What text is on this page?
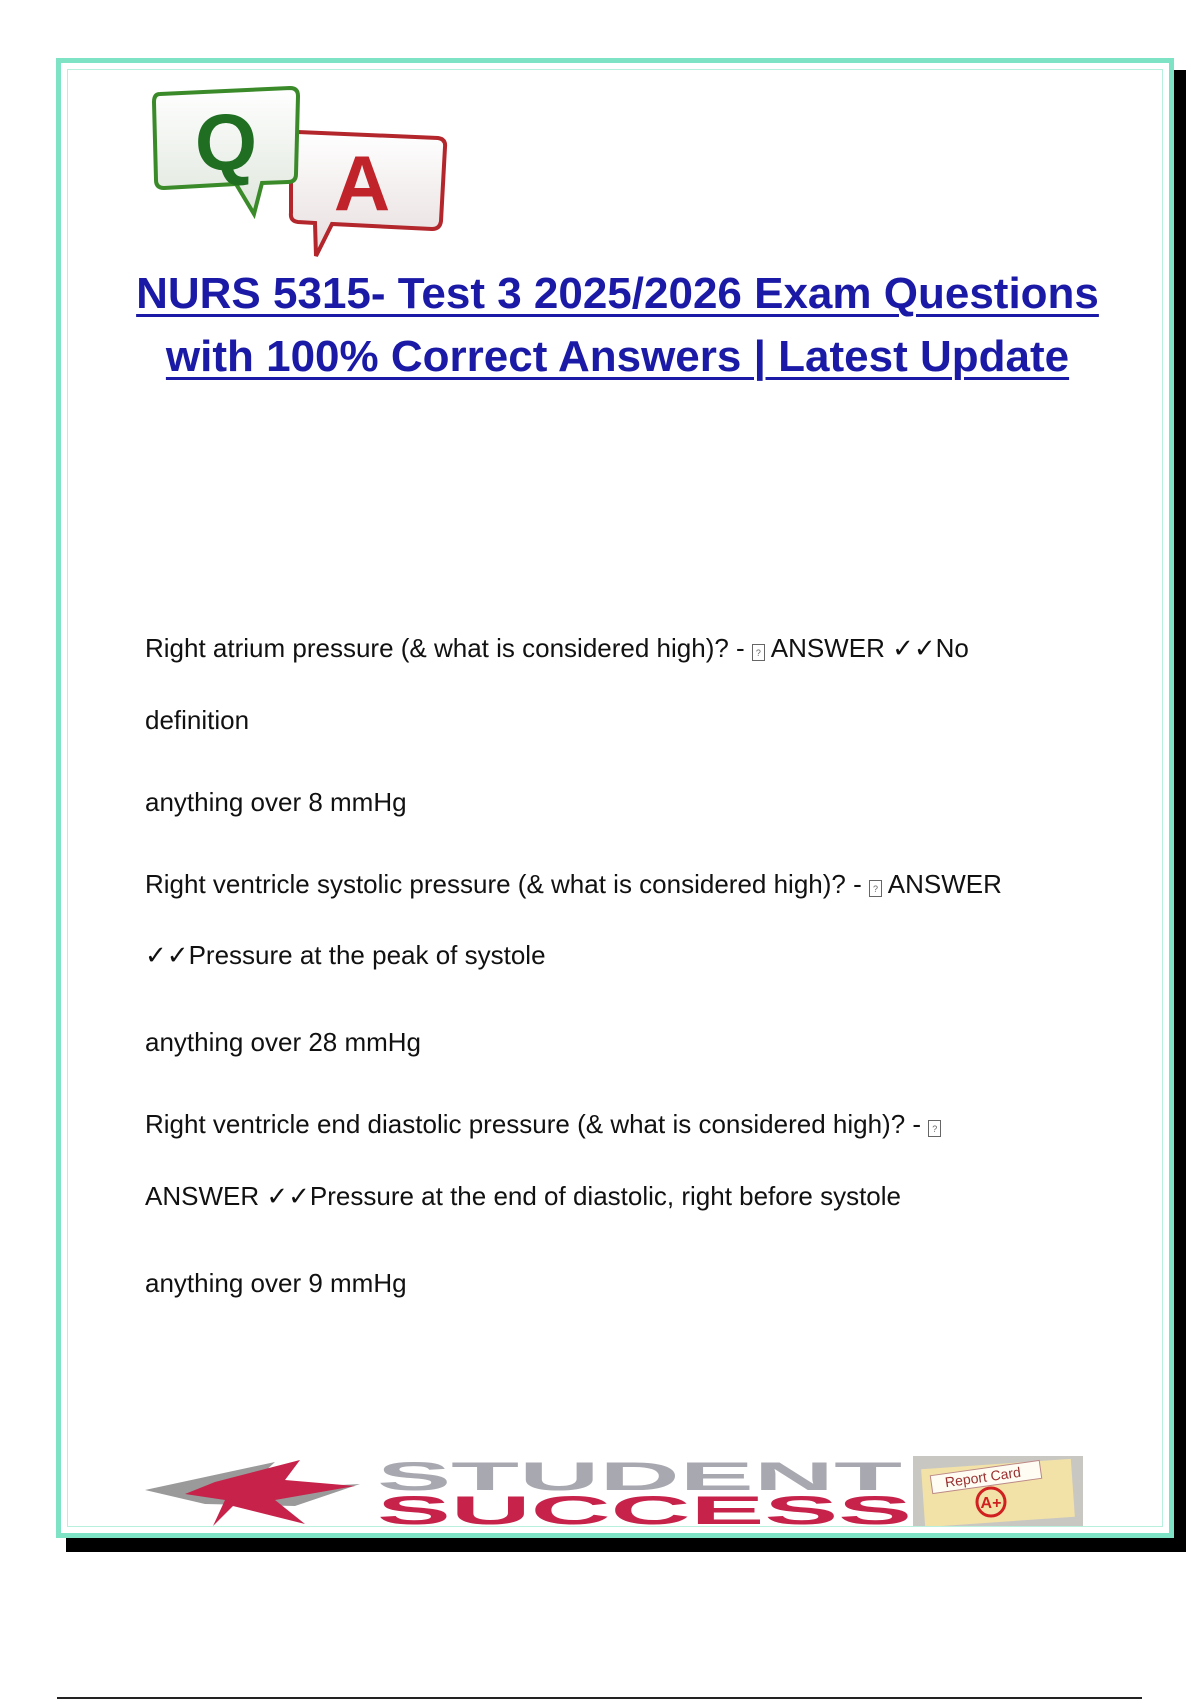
A
Q
NURS 5315- Test 3 2025/2026 Exam Questions with 100% Correct Answers | Latest Update

Right atrium pressure (& what is considered high)? - ? ANSWER ✓✓No

definition

anything over 8 mmHg

Right ventricle systolic pressure (& what is considered high)? - ? ANSWER

✓✓Pressure at the peak of systole

anything over 28 mmHg

Right ventricle end diastolic pressure (& what is considered high)? - ?

ANSWER ✓✓Pressure at the end of diastolic, right before systole

anything over 9 mmHg

STUDENT
SUCCESS
Report Card
A+
